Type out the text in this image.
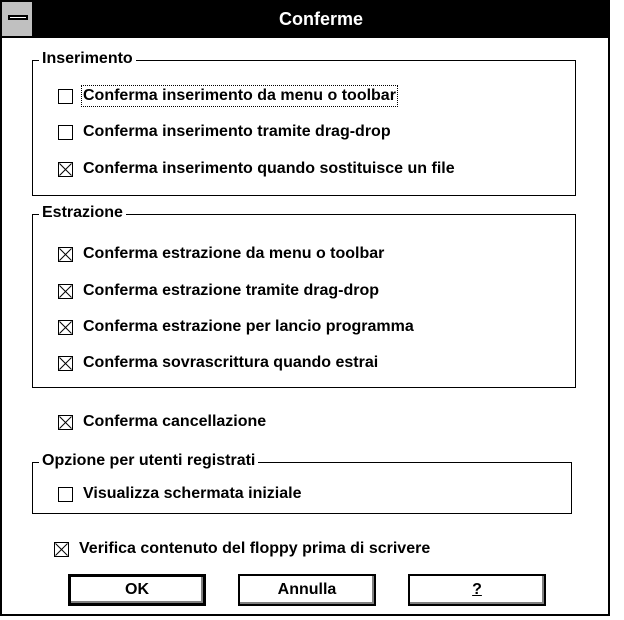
Conferme
Inserimento
Conferma inserimento da menu o toolbar
Conferma inserimento tramite drag-drop
Conferma inserimento quando sostituisce un file
Estrazione
Conferma estrazione da menu o toolbar
Conferma estrazione tramite drag-drop
Conferma estrazione per lancio programma
Conferma sovrascrittura quando estrai
Conferma cancellazione
Opzione per utenti registrati
Visualizza schermata iniziale
Verifica contenuto del floppy prima di scrivere
OK	Annulla	?
